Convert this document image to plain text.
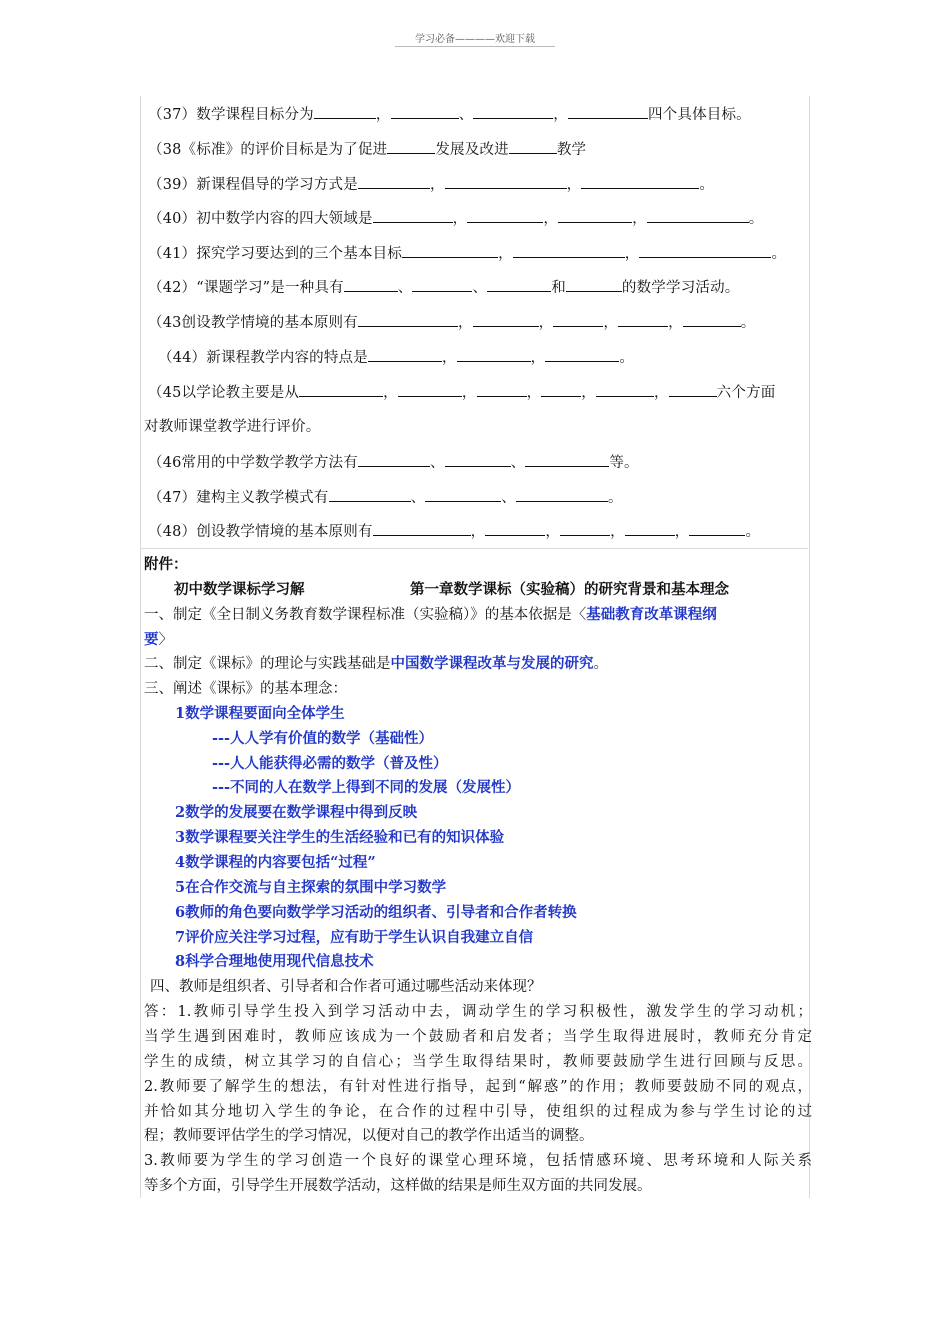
学习必备————欢迎下载
（37）数学课程目标分为	，	、	，	四个具体目标。
（38《标准》的评价目标是为了促进	发展及改进	教学
（39）新课程倡导的学习方式是	，	，	。
（40）初中数学内容的四大领域是	，	，	，	。
（41）探究学习要达到的三个基本目标	，	，	。
（42）“课题学习”是一种具有	、	、	和	的数学学习活动。
（43创设教学情境的基本原则有	，	，	，	，	。
（44）新课程教学内容的特点是	，	，	。
（45以学论教主要是从	，	，	，	，	，	六个方面
对教师课堂教学进行评价。
（46常用的中学数学教学方法有	、	、	等。
（47）建构主义教学模式有	、	、	。
（48）创设教学情境的基本原则有	，	，	，	，	。
附件：
初中数学课标学习解	第一章数学课标（实验稿）的研究背景和基本理念
一、制定《全日制义务教育数学课程标准（实验稿）》的基本依据是〈基础教育改革课程纲
要〉
二、制定《课标》的理论与实践基础是中国数学课程改革与发展的研究。
三、阐述《课标》的基本理念：
1数学课程要面向全体学生
---人人学有价值的数学（基础性）
---人人能获得必需的数学（普及性）
---不同的人在数学上得到不同的发展（发展性）
2数学的发展要在数学课程中得到反映
3数学课程要关注学生的生活经验和已有的知识体验
4数学课程的内容要包括“过程”
5在合作交流与自主探索的氛围中学习数学
6教师的角色要向数学学习活动的组织者、引导者和合作者转换
7评价应关注学习过程，应有助于学生认识自我建立自信
8科学合理地使用现代信息技术
四、教师是组织者、引导者和合作者可通过哪些活动来体现？
答：1.教师引导学生投入到学习活动中去，调动学生的学习积极性，激发学生的学习动机；
当学生遇到困难时，教师应该成为一个鼓励者和启发者；当学生取得进展时，教师充分肯定
学生的成绩，树立其学习的自信心；当学生取得结果时，教师要鼓励学生进行回顾与反思。
2.教师要了解学生的想法，有针对性进行指导，起到“解惑”的作用；教师要鼓励不同的观点，
并恰如其分地切入学生的争论，在合作的过程中引导，使组织的过程成为参与学生讨论的过
程；教师要评估学生的学习情况，以便对自己的教学作出适当的调整。
3.教师要为学生的学习创造一个良好的课堂心理环境，包括情感环境、思考环境和人际关系
等多个方面，引导学生开展数学活动，这样做的结果是师生双方面的共同发展。
